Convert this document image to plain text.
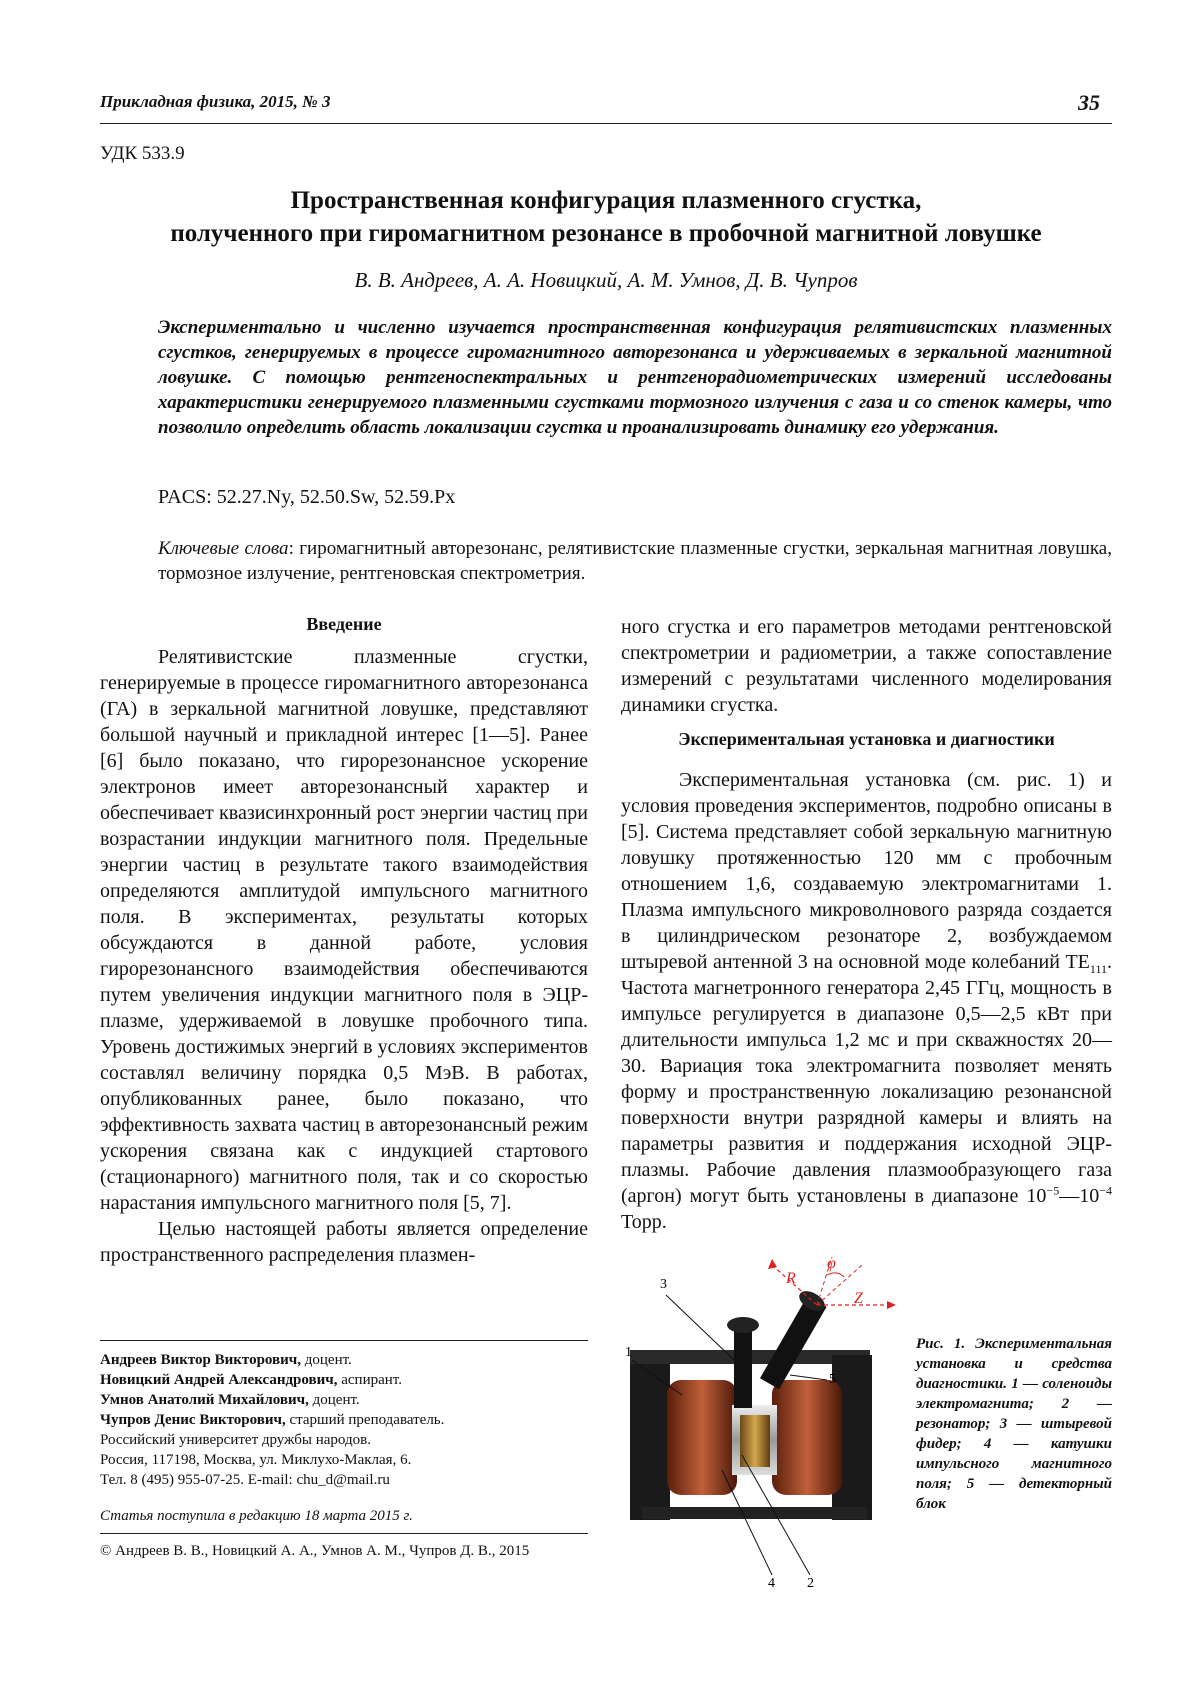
Прикладная физика, 2015, № 3	35
УДК 533.9
Пространственная конфигурация плазменного сгустка,
полученного при гиромагнитном резонансе в пробочной магнитной ловушке
В. В. Андреев, А. А. Новицкий, А. М. Умнов, Д. В. Чупров
Экспериментально и численно изучается пространственная конфигурация релятивистских плазменных сгустков, генерируемых в процессе гиромагнитного авторезонанса и удерживаемых в зеркальной магнитной ловушке. С помощью рентгеноспектральных и рентгенорадиометрических измерений исследованы характеристики генерируемого плазменными сгустками тормозного излучения с газа и со стенок камеры, что позволило определить область локализации сгустка и проанализировать динамику его удержания.
PACS: 52.27.Ny, 52.50.Sw, 52.59.Px
Ключевые слова: гиромагнитный авторезонанс, релятивистские плазменные сгустки, зеркальная магнитная ловушка, тормозное излучение, рентгеновская спектрометрия.
Введение

Релятивистские плазменные сгустки, генерируемые в процессе гиромагнитного авторезонанса (ГА) в зеркальной магнитной ловушке, представляют большой научный и прикладной интерес [1—5]. Ранее [6] было показано, что гирорезонансное ускорение электронов имеет авторезонансный характер и обеспечивает квазисинхронный рост энергии частиц при возрастании индукции магнитного поля. Предельные энергии частиц в результате такого взаимодействия определяются амплитудой импульсного магнитного поля. В экспериментах, результаты которых обсуждаются в данной работе, условия гирорезонансного взаимодействия обеспечиваются путем увеличения индукции магнитного поля в ЭЦР-плазме, удерживаемой в ловушке пробочного типа. Уровень достижимых энергий в условиях экспериментов составлял величину порядка 0,5 МэВ. В работах, опубликованных ранее, было показано, что эффективность захвата частиц в авторезонансный режим ускорения связана как с индукцией стартового (стационарного) магнитного поля, так и со скоростью нарастания импульсного магнитного поля [5, 7].

Целью настоящей работы является определение пространственного распределения плазмен-

ного сгустка и его параметров методами рентгеновской спектрометрии и радиометрии, а также сопоставление измерений с результатами численного моделирования динамики сгустка.

Экспериментальная установка и диагностики

Экспериментальная установка (см. рис. 1) и условия проведения экспериментов, подробно описаны в [5]. Система представляет собой зеркальную магнитную ловушку протяженностью 120 мм с пробочным отношением 1,6, создаваемую электромагнитами 1. Плазма импульсного микроволнового разряда создается в цилиндрическом резонаторе 2, возбуждаемом штыревой антенной 3 на основной моде колебаний $TE_{111}$. Частота магнетронного генератора 2,45 ГГц, мощность в импульсе регулируется в диапазоне 0,5—2,5 кВт при длительности импульса 1,2 мс и при скважностях 20—30. Вариация тока электромагнита позволяет менять форму и пространственную локализацию резонансной поверхности внутри разрядной камеры и влиять на параметры развития и поддержания исходной ЭЦР-плазмы. Рабочие давления плазмообразующего газа (аргон) могут быть установлены в диапазоне $10^{-5}—10^{-4}$ Торр.

Андреев Виктор Викторович, доцент.
Новицкий Андрей Александрович, аспирант.
Умнов Анатолий Михайлович, доцент.
Чупров Денис Викторович, старший преподаватель.
Российский университет дружбы народов.
Россия, 117198, Москва, ул. Миклухо-Маклая, 6.
Тел. 8 (495) 955-07-25. E-mail: chu_d@mail.ru
Статья поступила в редакцию 18 марта 2015 г.
© Андреев В. В., Новицкий А. А., Умнов А. М., Чупров Д. В., 2015
R
φ
Z
3
1
5
4 2
Рис. 1. Экспериментальная установка и средства диагностики. 1 — соленоиды электромагнита; 2 — резонатор; 3 — штыревой фидер; 4 — катушки импульсного магнитного поля; 5 — детекторный блок
